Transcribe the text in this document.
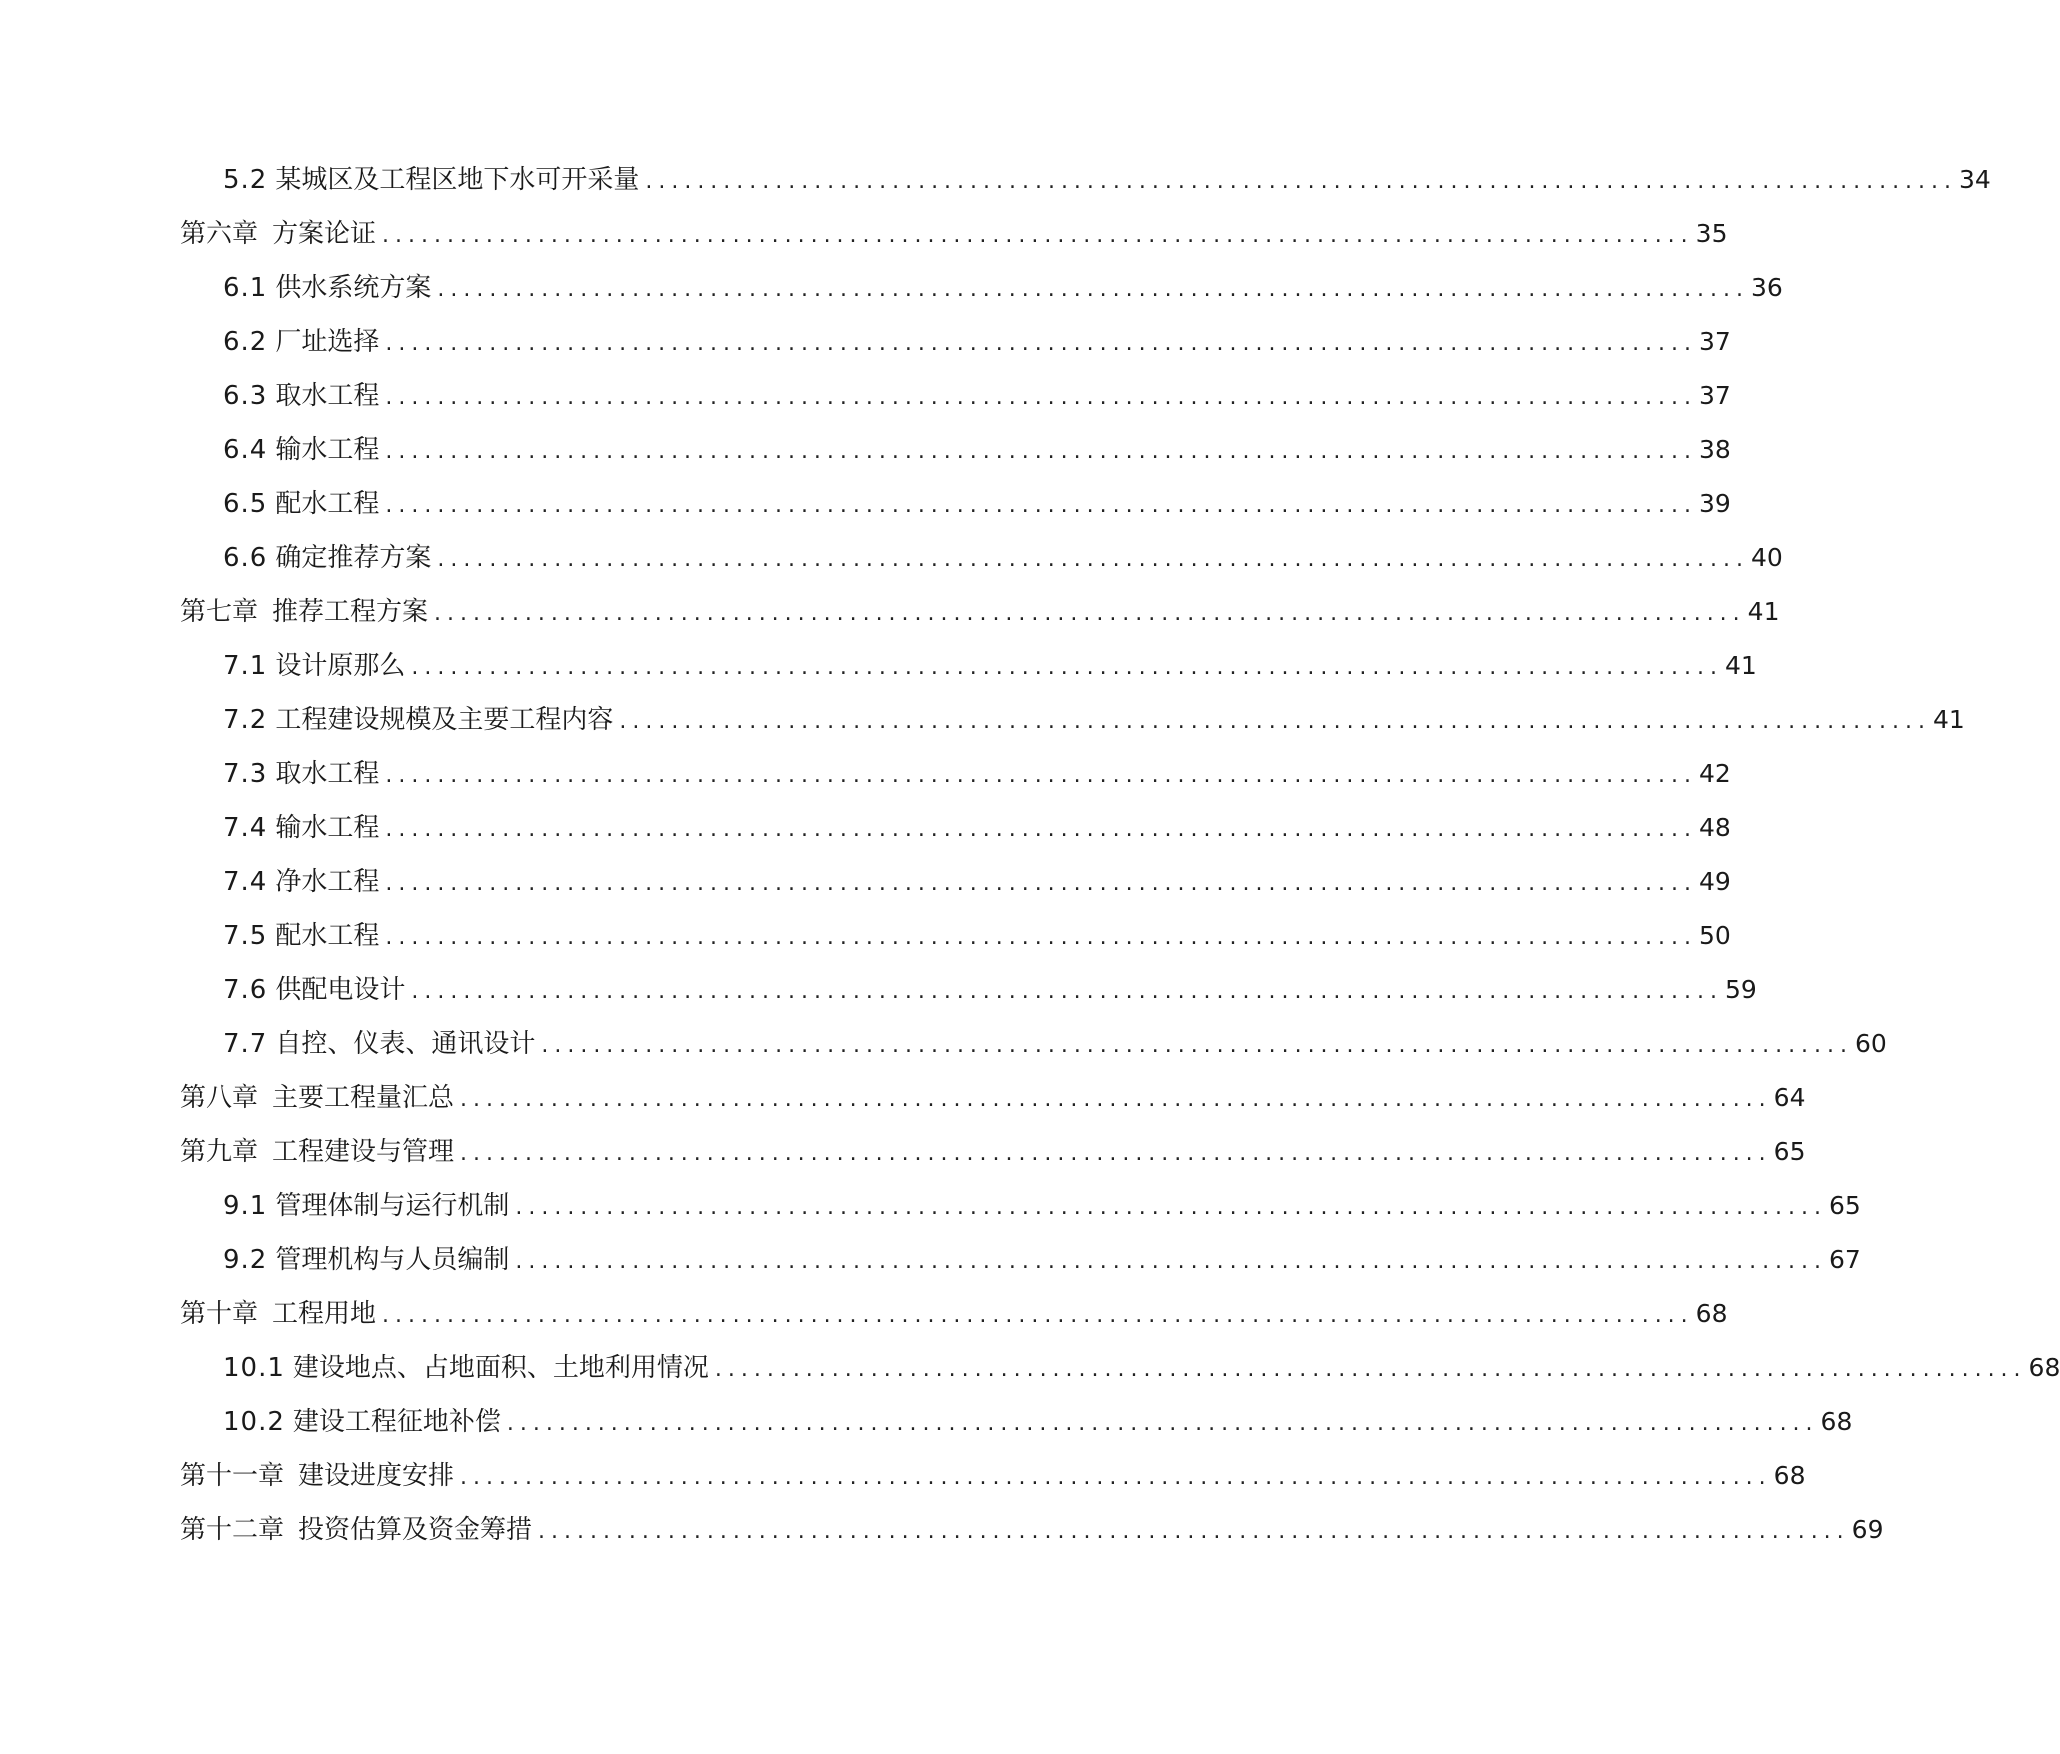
5.2 某城区及工程区地下水可开采量 . . .	34
第六章 方案论证 . . .	35
6.1 供水系统方案 . . .	36
6.2 厂址选择 . . .	37
6.3 取水工程 . . .	37
6.4 输水工程 . . .	38
6.5 配水工程 . . .	39
6.6 确定推荐方案 . . .	40
第七章 推荐工程方案 . . .	41
7.1 设计原那么 . . .	41
7.2 工程建设规模及主要工程内容 . . .	41
7.3 取水工程 . . .	42
7.4 输水工程 . . .	48
7.4 净水工程 . . .	49
7.5 配水工程 . . .	50
7.6 供配电设计 . . .	59
7.7 自控、仪表、通讯设计 . . .	60
第八章 主要工程量汇总 . . .	64
第九章 工程建设与管理 . . .	65
9.1 管理体制与运行机制 . . .	65
9.2 管理机构与人员编制 . . .	67
第十章 工程用地 . . .	68
10.1 建设地点、占地面积、土地利用情况 . . .	68
10.2 建设工程征地补偿 . . .	68
第十一章 建设进度安排 . . .	68
第十二章 投资估算及资金筹措 . . .	69
